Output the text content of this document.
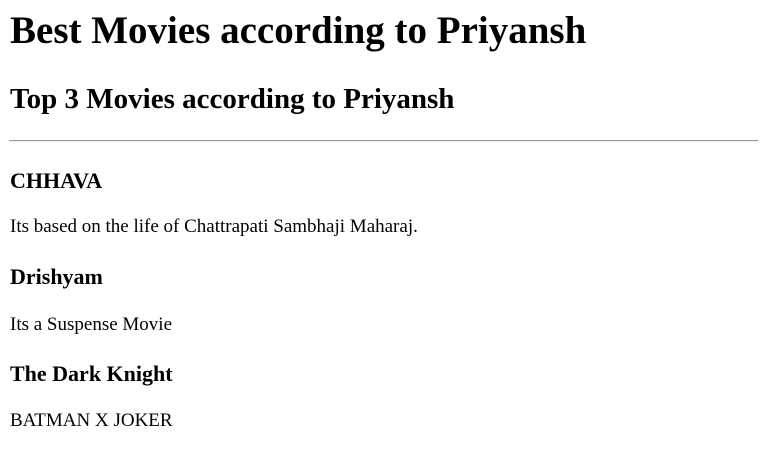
Best Movies according to Priyansh
Top 3 Movies according to Priyansh
CHHAVA

Its based on the life of Chattrapati Sambhaji Maharaj.

Drishyam

Its a Suspense Movie

The Dark Knight

BATMAN X JOKER
